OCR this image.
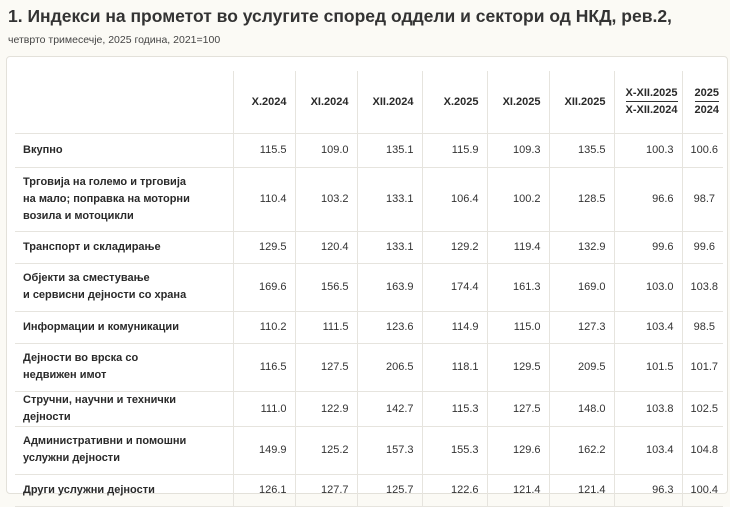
1. Индекси на прометот во услугите според оддели и сектори од НКД, рев.2,
четврто тримесечје, 2025 година, 2021=100
	X.2024	XI.2024	XII.2024	X.2025	XI.2025	XII.2025	$\frac{\text{X-XII.2025}}{\text{X-XII.2024}}$	$\frac{2025}{2024}$

Вкупно	115.5	109.0	135.1	115.9	109.3	135.5	100.3	100.6
Трговија на големо и трговија
на мало; поправка на моторни
возила и мотоцикли	110.4	103.2	133.1	106.4	100.2	128.5	96.6	98.7
Транспорт и складирање	129.5	120.4	133.1	129.2	119.4	132.9	99.6	99.6
Објекти за сместување
и сервисни дејности со храна	169.6	156.5	163.9	174.4	161.3	169.0	103.0	103.8
Информации и комуникации	110.2	111.5	123.6	114.9	115.0	127.3	103.4	98.5
Дејности во врска со
недвижен имот	116.5	127.5	206.5	118.1	129.5	209.5	101.5	101.7
Стручни, научни и технички дејности	111.0	122.9	142.7	115.3	127.5	148.0	103.8	102.5
Административни и помошни
услужни дејности	149.9	125.2	157.3	155.3	129.6	162.2	103.4	104.8
Други услужни дејности	126.1	127.7	125.7	122.6	121.4	121.4	96.3	100.4
